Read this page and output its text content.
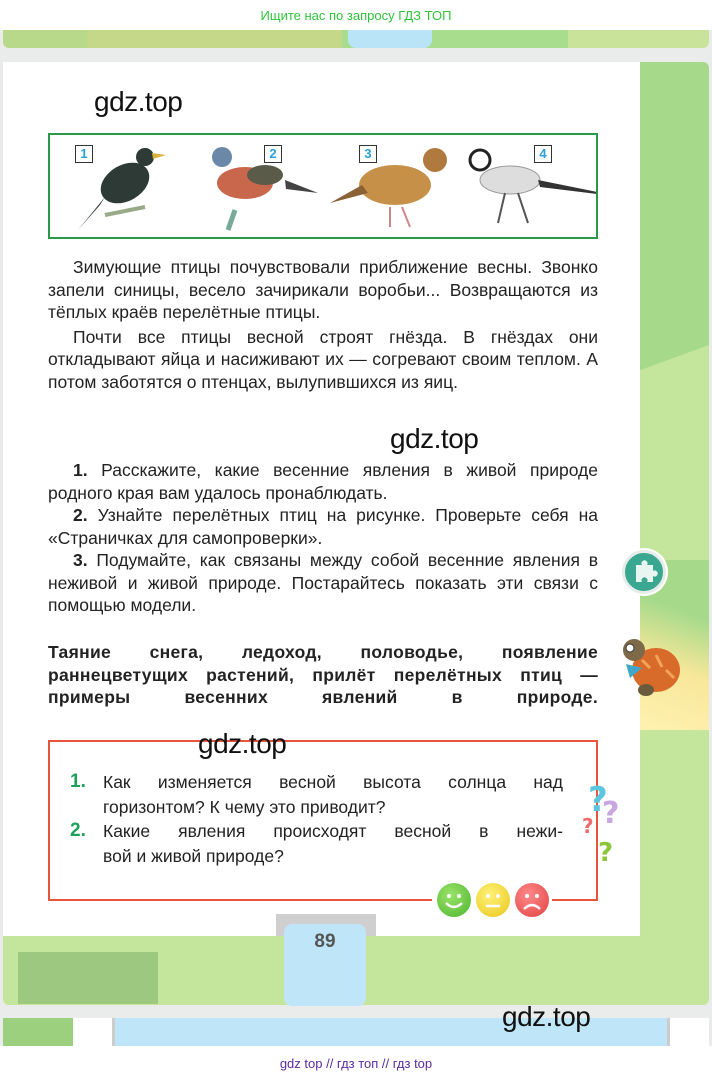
Ищите нас по запросу ГДЗ ТОП
gdz.top
1	2	3	4

Зимующие птицы почувствовали приближение весны. Звонко запели синицы, весело зачирикали воробьи... Возвращаются из тёплых краёв перелётные птицы.

Почти все птицы весной строят гнёзда. В гнёздах они откладывают яйца и насиживают их — согревают своим теплом. А потом заботятся о птенцах, вылупившихся из яиц.

gdz.top

1. Расскажите, какие весенние явления в живой природе родного края вам удалось пронаблюдать.

2. Узнайте перелётных птиц на рисунке. Проверьте себя на «Страничках для самопроверки».

3. Подумайте, как связаны между собой весенние явления в неживой и живой природе. Постарайтесь показать эти связи с помощью модели.

Таяние снега, ледоход, половодье, появление раннецветущих растений, прилёт перелётных птиц — примеры весенних явлений в природе.
1. Как изменяется весной высота солнца над
горизонтом? К чему это приводит?
2. Какие явления происходят весной в нежи-
вой и живой природе?
gdz.top
?
?
?
?
89
gdz.top
gdz top // гдз топ // гдз top
